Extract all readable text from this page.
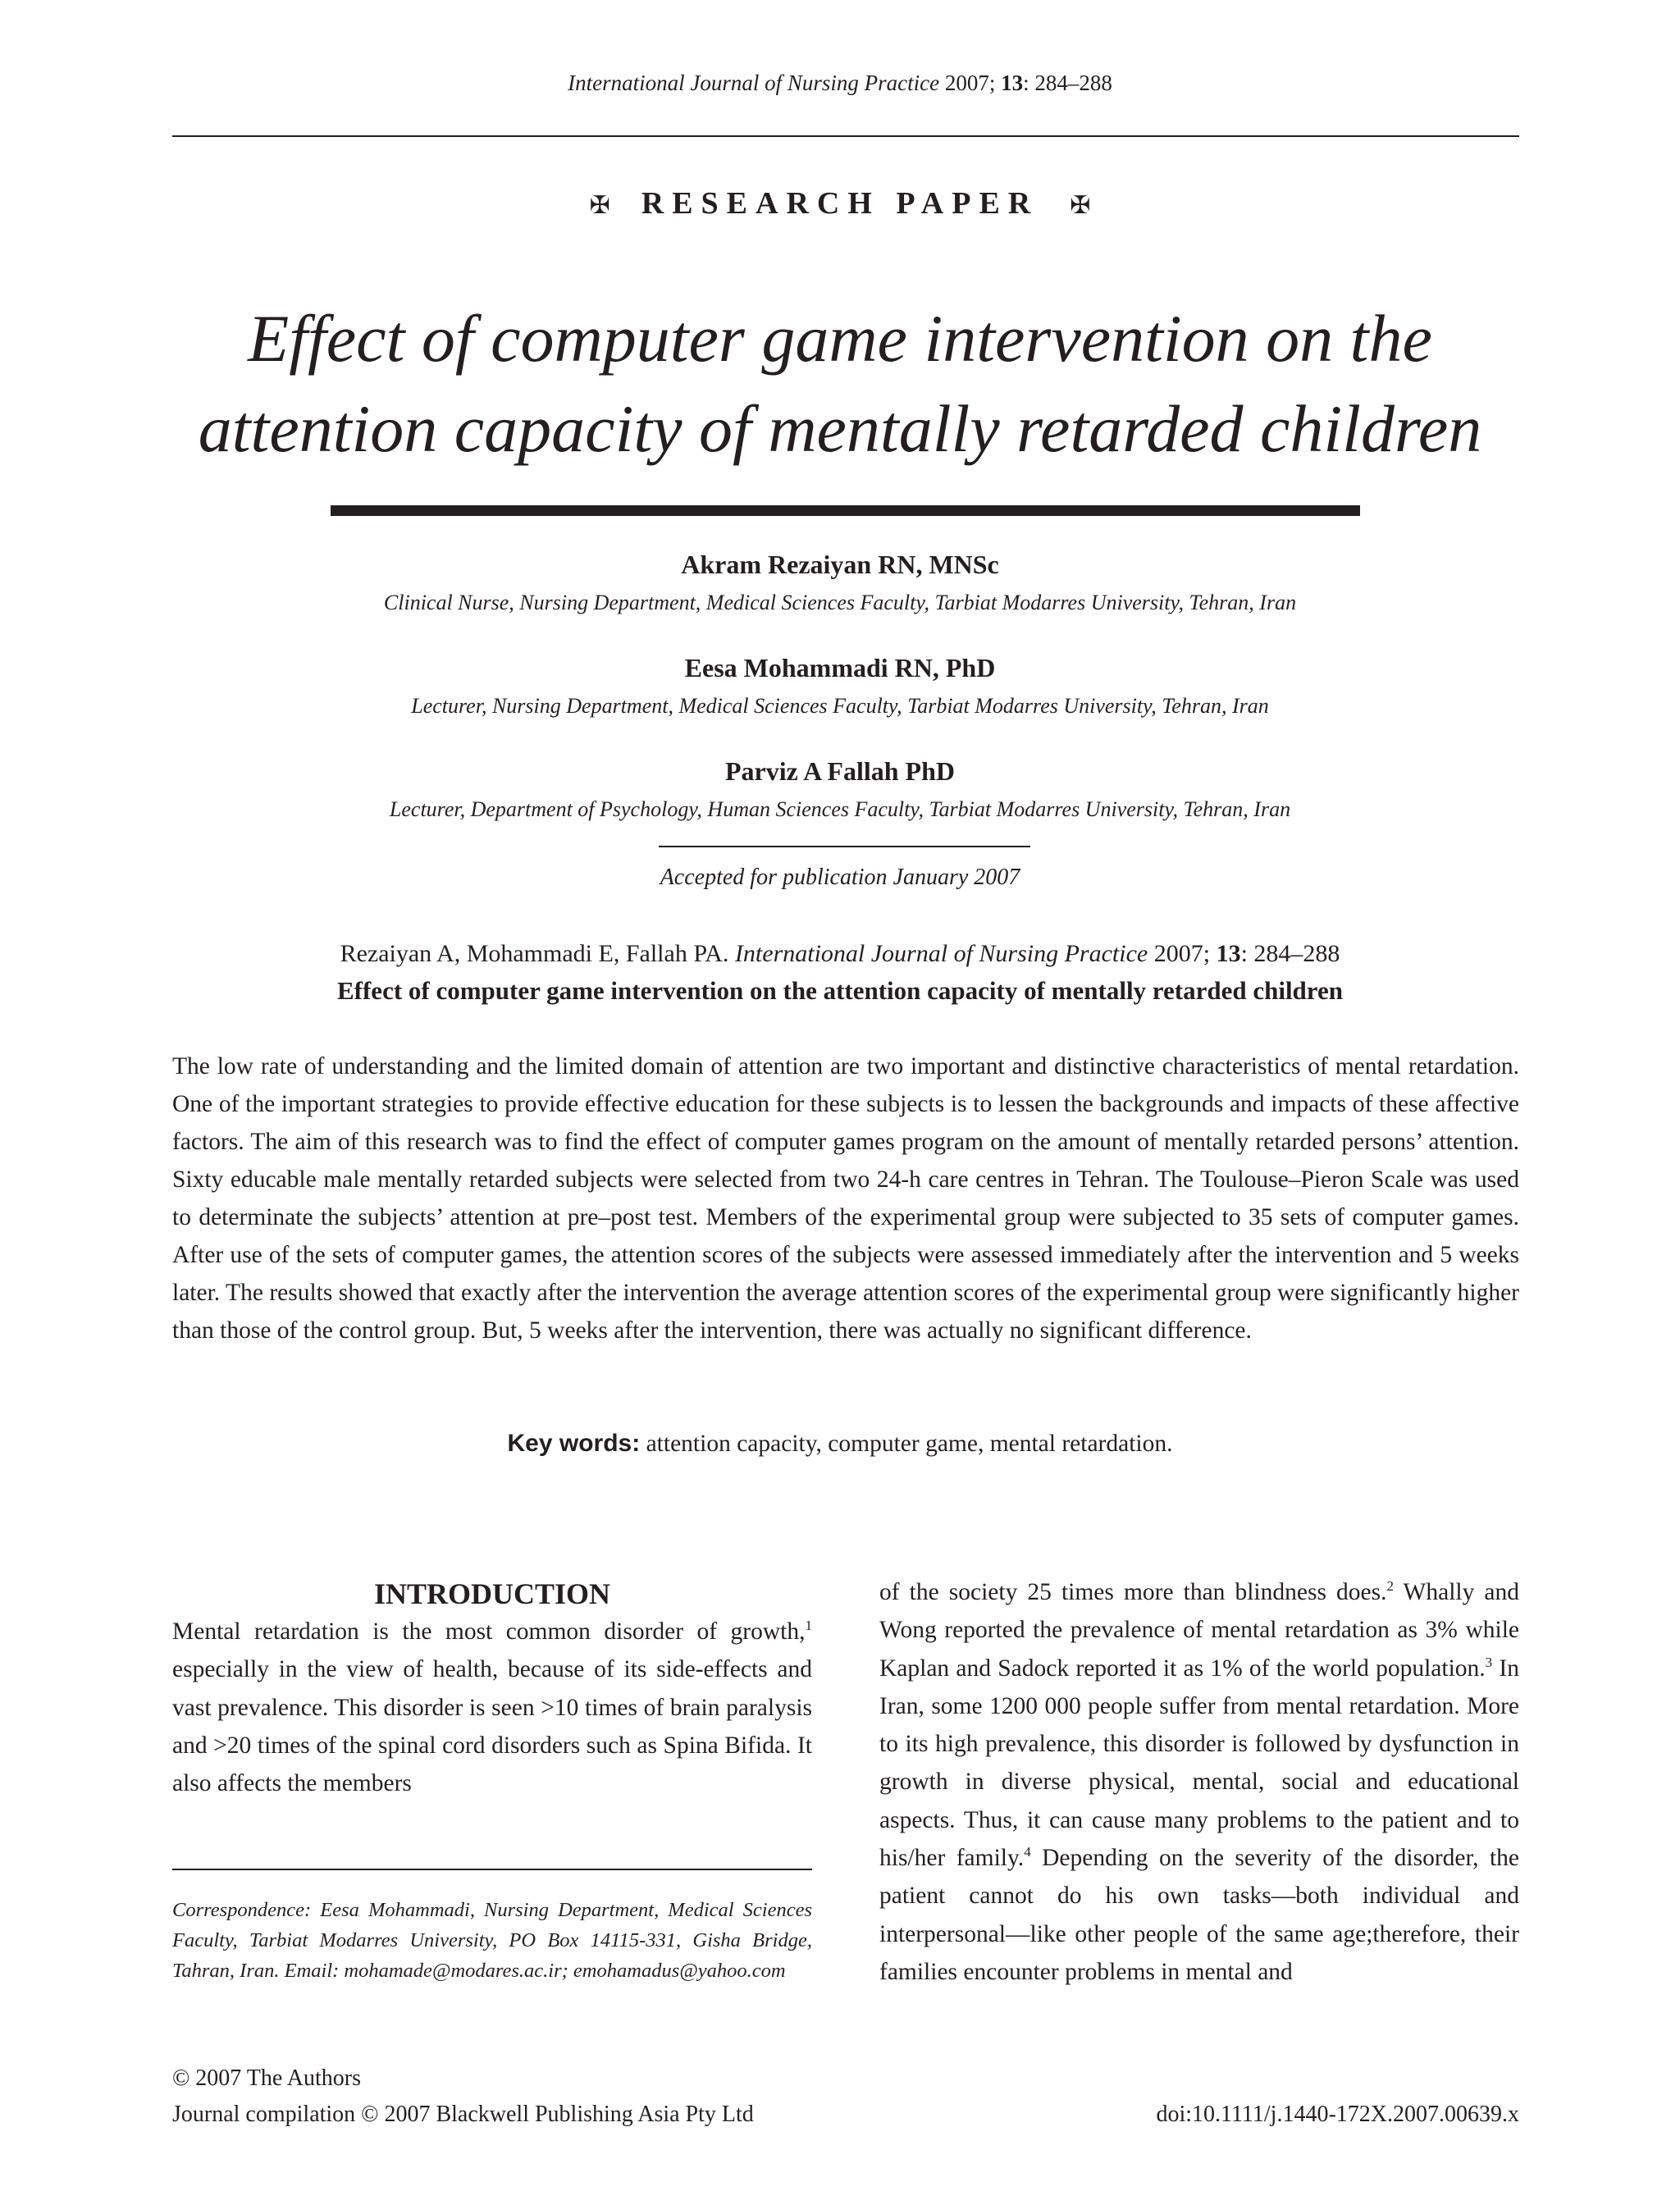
International Journal of Nursing Practice 2007; 13: 284–288
✠ RESEARCH PAPER ✠
Effect of computer game intervention on the
attention capacity of mentally retarded children
Akram Rezaiyan RN, MNSc
Clinical Nurse, Nursing Department, Medical Sciences Faculty, Tarbiat Modarres University, Tehran, Iran
Eesa Mohammadi RN, PhD
Lecturer, Nursing Department, Medical Sciences Faculty, Tarbiat Modarres University, Tehran, Iran
Parviz A Fallah PhD
Lecturer, Department of Psychology, Human Sciences Faculty, Tarbiat Modarres University, Tehran, Iran
Accepted for publication January 2007
Rezaiyan A, Mohammadi E, Fallah PA. International Journal of Nursing Practice 2007; 13: 284–288
Effect of computer game intervention on the attention capacity of mentally retarded children
The low rate of understanding and the limited domain of attention are two important and distinctive characteristics of mental retardation. One of the important strategies to provide effective education for these subjects is to lessen the backgrounds and impacts of these affective factors. The aim of this research was to find the effect of computer games program on the amount of mentally retarded persons’ attention. Sixty educable male mentally retarded subjects were selected from two 24-h care centres in Tehran. The Toulouse–Pieron Scale was used to determinate the subjects’ attention at pre–post test. Members of the experimental group were subjected to 35 sets of computer games. After use of the sets of computer games, the attention scores of the subjects were assessed immediately after the intervention and 5 weeks later. The results showed that exactly after the intervention the average attention scores of the experimental group were significantly higher than those of the control group. But, 5 weeks after the intervention, there was actually no significant difference.
Key words: attention capacity, computer game, mental retardation.
INTRODUCTION

Mental retardation is the most common disorder of growth,$^1$ especially in the view of health, because of its side-effects and vast prevalence. This disorder is seen >10 times of brain paralysis and >20 times of the spinal cord disorders such as Spina Bifida. It also affects the members

of the society 25 times more than blindness does.$^2$ Whally and Wong reported the prevalence of mental retardation as 3% while Kaplan and Sadock reported it as 1% of the world population.$^3$ In Iran, some 1200 000 people suffer from mental retardation. More to its high prevalence, this disorder is followed by dysfunction in growth in diverse physical, mental, social and educational aspects. Thus, it can cause many problems to the patient and to his/her family.$^4$ Depending on the severity of the disorder, the patient cannot do his own tasks—both individual and interpersonal—like other people of the same age;therefore, their families encounter problems in mental and

Correspondence: Eesa Mohammadi, Nursing Department, Medical Sciences Faculty, Tarbiat Modarres University, PO Box 14115-331, Gisha Bridge, Tahran, Iran. Email: mohamade@modares.ac.ir; emohamadus@yahoo.com
© 2007 The Authors
Journal compilation © 2007 Blackwell Publishing Asia Pty Ltd	doi:10.1111/j.1440-172X.2007.00639.x
